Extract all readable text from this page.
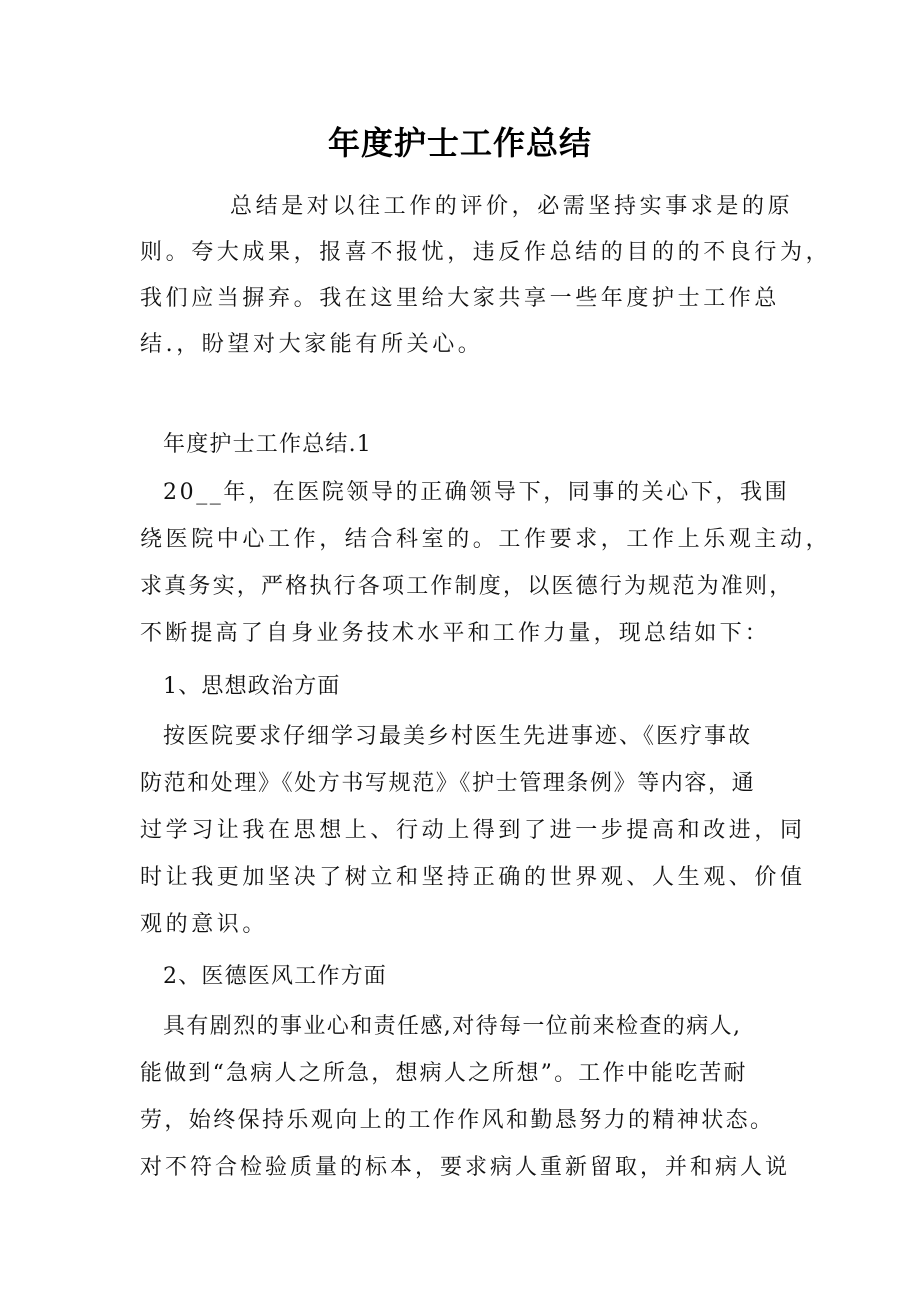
年度护士工作总结
总结是对以往工作的评价，必需坚持实事求是的原
则。夸大成果，报喜不报忧，违反作总结的目的的不良行为，
我们应当摒弃。我在这里给大家共享一些年度护士工作总
结.，盼望对大家能有所关心。
年度护士工作总结.1
20__年，在医院领导的正确领导下，同事的关心下，我围
绕医院中心工作，结合科室的。工作要求，工作上乐观主动，
求真务实，严格执行各项工作制度，以医德行为规范为准则，
不断提高了自身业务技术水平和工作力量，现总结如下：
1、思想政治方面
按医院要求仔细学习最美乡村医生先进事迹、《医疗事故
防范和处理》《处方书写规范》《护士管理条例》等内容，通
过学习让我在思想上、行动上得到了进一步提高和改进，同
时让我更加坚决了树立和坚持正确的世界观、人生观、价值
观的意识。
2、医德医风工作方面
具有剧烈的事业心和责任感,对待每一位前来检查的病人,
能做到“急病人之所急，想病人之所想”。工作中能吃苦耐
劳，始终保持乐观向上的工作作风和勤恳努力的精神状态。
对不符合检验质量的标本，要求病人重新留取，并和病人说
